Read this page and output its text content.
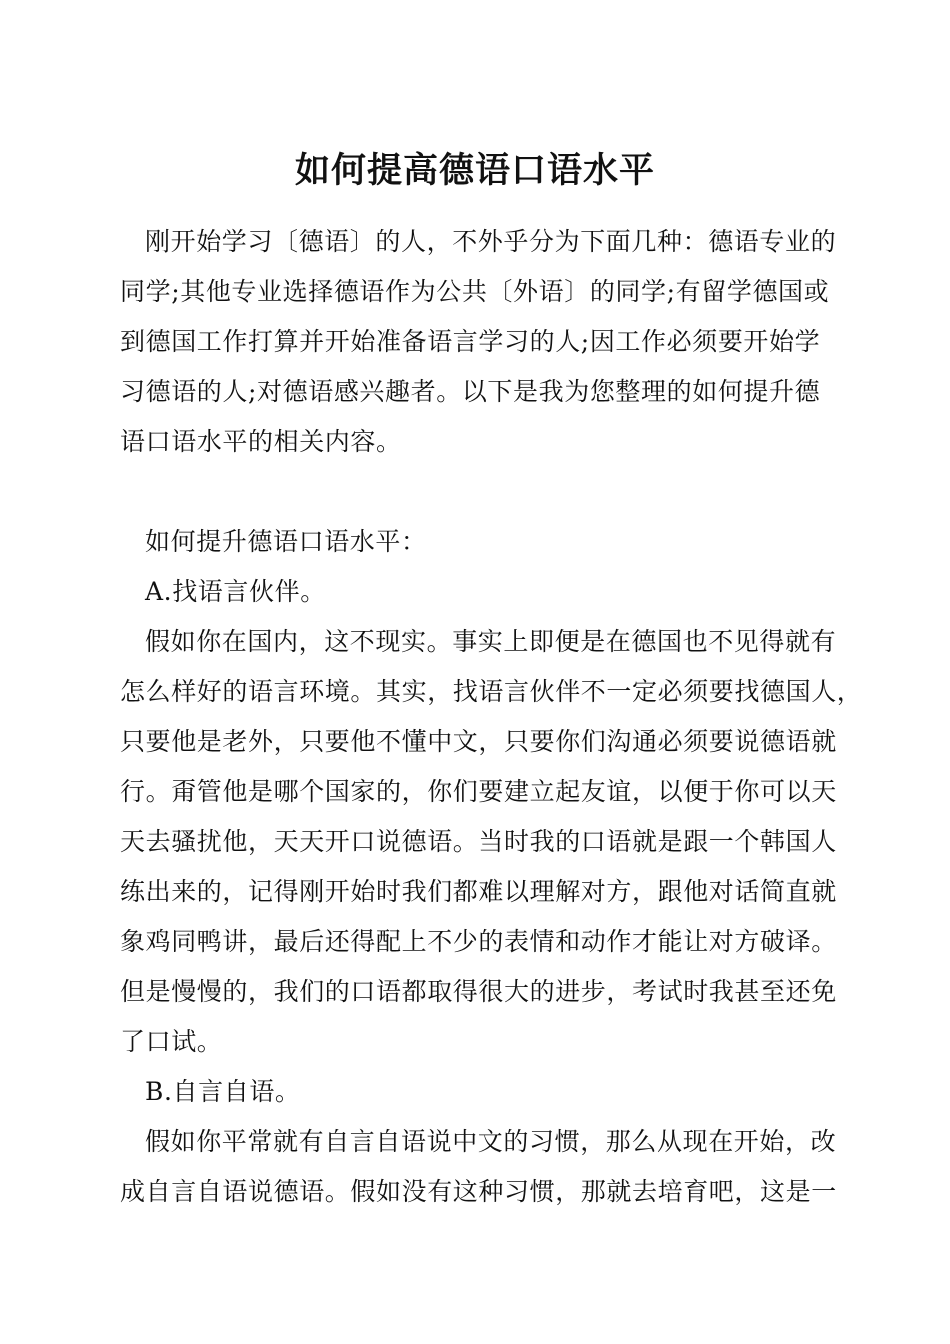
如何提高德语口语水平
刚开始学习〔德语〕的人，不外乎分为下面几种：德语专业的
同学;其他专业选择德语作为公共〔外语〕的同学;有留学德国或
到德国工作打算并开始准备语言学习的人;因工作必须要开始学
习德语的人;对德语感兴趣者。以下是我为您整理的如何提升德
语口语水平的相关内容。
如何提升德语口语水平：
A.找语言伙伴。
假如你在国内，这不现实。事实上即便是在德国也不见得就有
怎么样好的语言环境。其实，找语言伙伴不一定必须要找德国人，
只要他是老外，只要他不懂中文，只要你们沟通必须要说德语就
行。甭管他是哪个国家的，你们要建立起友谊，以便于你可以天
天去骚扰他，天天开口说德语。当时我的口语就是跟一个韩国人
练出来的，记得刚开始时我们都难以理解对方，跟他对话简直就
象鸡同鸭讲，最后还得配上不少的表情和动作才能让对方破译。
但是慢慢的，我们的口语都取得很大的进步，考试时我甚至还免
了口试。
B.自言自语。
假如你平常就有自言自语说中文的习惯，那么从现在开始，改
成自言自语说德语。假如没有这种习惯，那就去培育吧，这是一
